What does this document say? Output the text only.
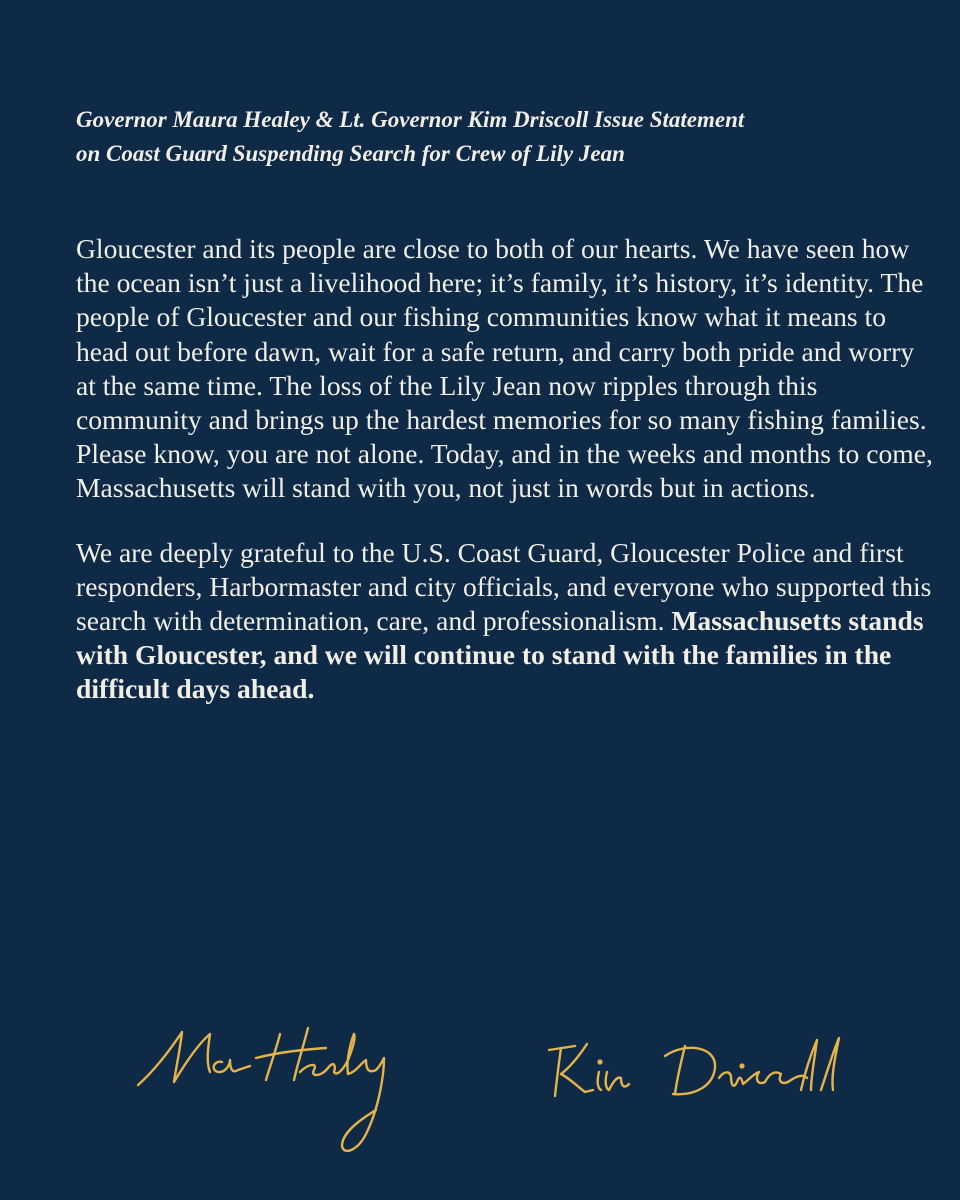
Governor Maura Healey & Lt. Governor Kim Driscoll Issue Statement
on Coast Guard Suspending Search for Crew of Lily Jean

Gloucester and its people are close to both of our hearts. We have seen how the ocean isn’t just a livelihood here; it’s family, it’s history, it’s identity. The people of Gloucester and our fishing communities know what it means to head out before dawn, wait for a safe return, and carry both pride and worry at the same time. The loss of the Lily Jean now ripples through this community and brings up the hardest memories for so many fishing families. Please know, you are not alone. Today, and in the weeks and months to come, Massachusetts will stand with you, not just in words but in actions.

We are deeply grateful to the U.S. Coast Guard, Gloucester Police and first responders, Harbormaster and city officials, and everyone who supported this search with determination, care, and professionalism. Massachusetts stands with Gloucester, and we will continue to stand with the families in the difficult days ahead.
